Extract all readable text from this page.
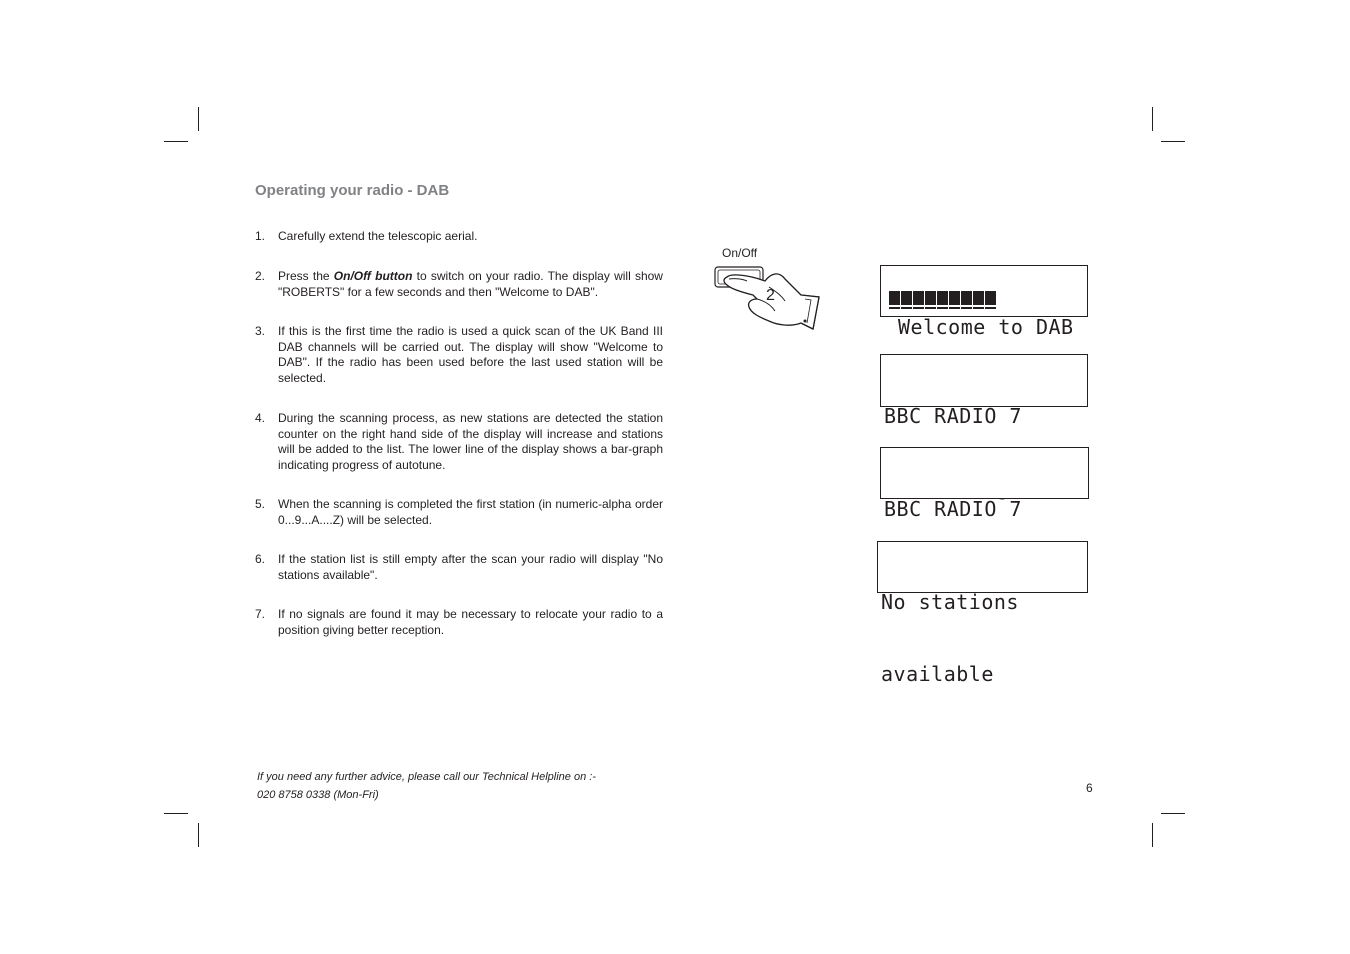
Operating your radio - DAB
1. Carefully extend the telescopic aerial.
2. Press the On/Off button to switch on your radio. The display will show "ROBERTS" for a few seconds and then "Welcome to DAB".
3. If this is the first time the radio is used a quick scan of the UK Band III DAB channels will be carried out. The display will show "Welcome to DAB". If the radio has been used before the last used station will be selected.
4. During the scanning process, as new stations are detected the station counter on the right hand side of the display will increase and stations will be added to the list. The lower line of the display shows a bar-graph indicating progress of autotune.
5. When the scanning is completed the first station (in numeric-alpha order 0...9...A....Z) will be selected.
6. If the station list is still empty after the scan your radio will display "No stations available".
7. If no signals are found it may be necessary to relocate your radio to a position giving better reception.
On/Off
2

Welcome to DAB

BBC RADIO 7

BBC RADIO 7

No stations

available

If you need any further advice, please call our Technical Helpline on :-
020 8758 0338 (Mon-Fri)	6
